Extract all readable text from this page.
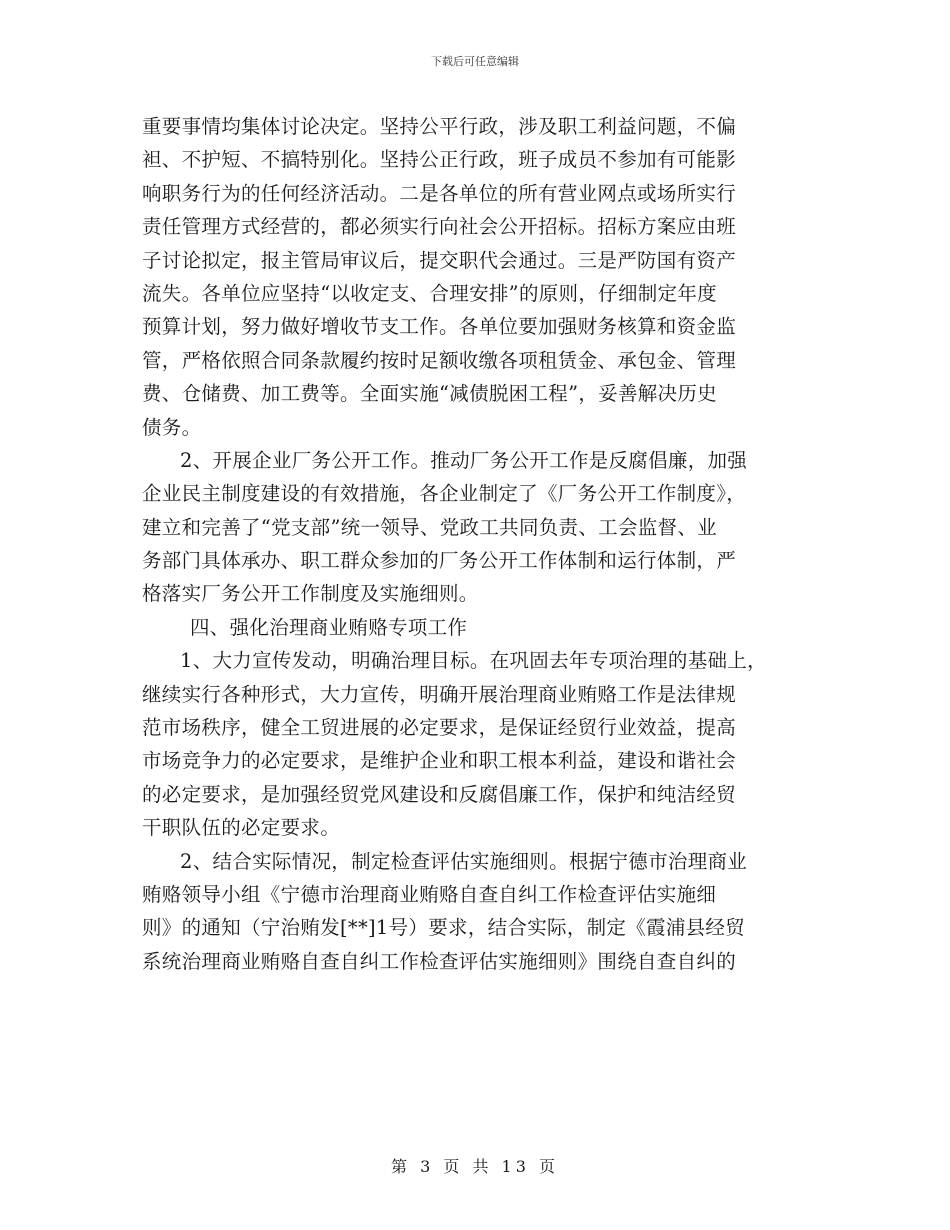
下载后可任意编辑
重要事情均集体讨论决定。坚持公平行政，涉及职工利益问题，不偏
袒、不护短、不搞特别化。坚持公正行政，班子成员不参加有可能影
响职务行为的任何经济活动。二是各单位的所有营业网点或场所实行
责任管理方式经营的，都必须实行向社会公开招标。招标方案应由班
子讨论拟定，报主管局审议后，提交职代会通过。三是严防国有资产
流失。各单位应坚持“以收定支、合理安排”的原则，仔细制定年度
预算计划，努力做好增收节支工作。各单位要加强财务核算和资金监
管，严格依照合同条款履约按时足额收缴各项租赁金、承包金、管理
费、仓储费、加工费等。全面实施“减债脱困工程”，妥善解决历史
债务。
2、开展企业厂务公开工作。推动厂务公开工作是反腐倡廉，加强
企业民主制度建设的有效措施，各企业制定了《厂务公开工作制度》，
建立和完善了“党支部”统一领导、党政工共同负责、工会监督、业
务部门具体承办、职工群众参加的厂务公开工作体制和运行体制，严
格落实厂务公开工作制度及实施细则。
四、强化治理商业贿赂专项工作
1、大力宣传发动，明确治理目标。在巩固去年专项治理的基础上，
继续实行各种形式，大力宣传，明确开展治理商业贿赂工作是法律规
范市场秩序，健全工贸进展的必定要求，是保证经贸行业效益，提高
市场竞争力的必定要求，是维护企业和职工根本利益，建设和谐社会
的必定要求，是加强经贸党风建设和反腐倡廉工作，保护和纯洁经贸
干职队伍的必定要求。
2、结合实际情况，制定检查评估实施细则。根据宁德市治理商业
贿赂领导小组《宁德市治理商业贿赂自查自纠工作检查评估实施细
则》的通知（宁治贿发[**]1号）要求，结合实际，制定《霞浦县经贸
系统治理商业贿赂自查自纠工作检查评估实施细则》围绕自查自纠的
第 3 页 共 13 页
